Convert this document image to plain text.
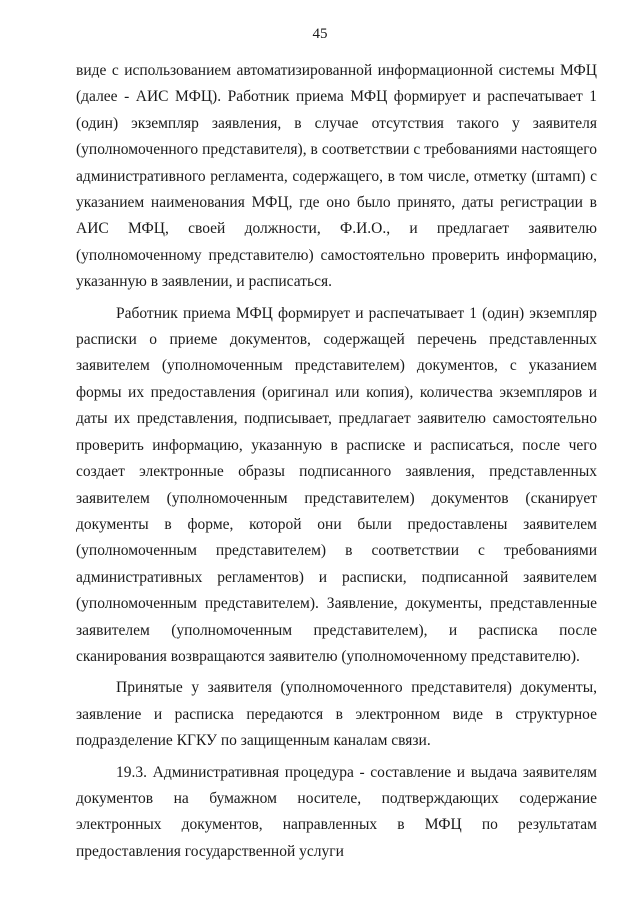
45

виде с использованием автоматизированной информационной системы МФЦ (далее - АИС МФЦ). Работник приема МФЦ формирует и распечатывает 1 (один) экземпляр заявления, в случае отсутствия такого у заявителя (уполномоченного представителя), в соответствии с требованиями настоящего административного регламента, содержащего, в том числе, отметку (штамп) с указанием наименования МФЦ, где оно было принято, даты регистрации в АИС МФЦ, своей должности, Ф.И.О., и предлагает заявителю (уполномоченному представителю) самостоятельно проверить информацию, указанную в заявлении, и расписаться.

Работник приема МФЦ формирует и распечатывает 1 (один) экземпляр расписки о приеме документов, содержащей перечень представленных заявителем (уполномоченным представителем) документов, с указанием формы их предоставления (оригинал или копия), количества экземпляров и даты их представления, подписывает, предлагает заявителю самостоятельно проверить информацию, указанную в расписке и расписаться, после чего создает электронные образы подписанного заявления, представленных заявителем (уполномоченным представителем) документов (сканирует документы в форме, которой они были предоставлены заявителем (уполномоченным представителем) в соответствии с требованиями административных регламентов) и расписки, подписанной заявителем (уполномоченным представителем). Заявление, документы, представленные заявителем (уполномоченным представителем), и расписка после сканирования возвращаются заявителю (уполномоченному представителю).

Принятые у заявителя (уполномоченного представителя) документы, заявление и расписка передаются в электронном виде в структурное подразделение КГКУ по защищенным каналам связи.

19.3. Административная процедура - составление и выдача заявителям документов на бумажном носителе, подтверждающих содержание электронных документов, направленных в МФЦ по результатам предоставления государственной услуги
